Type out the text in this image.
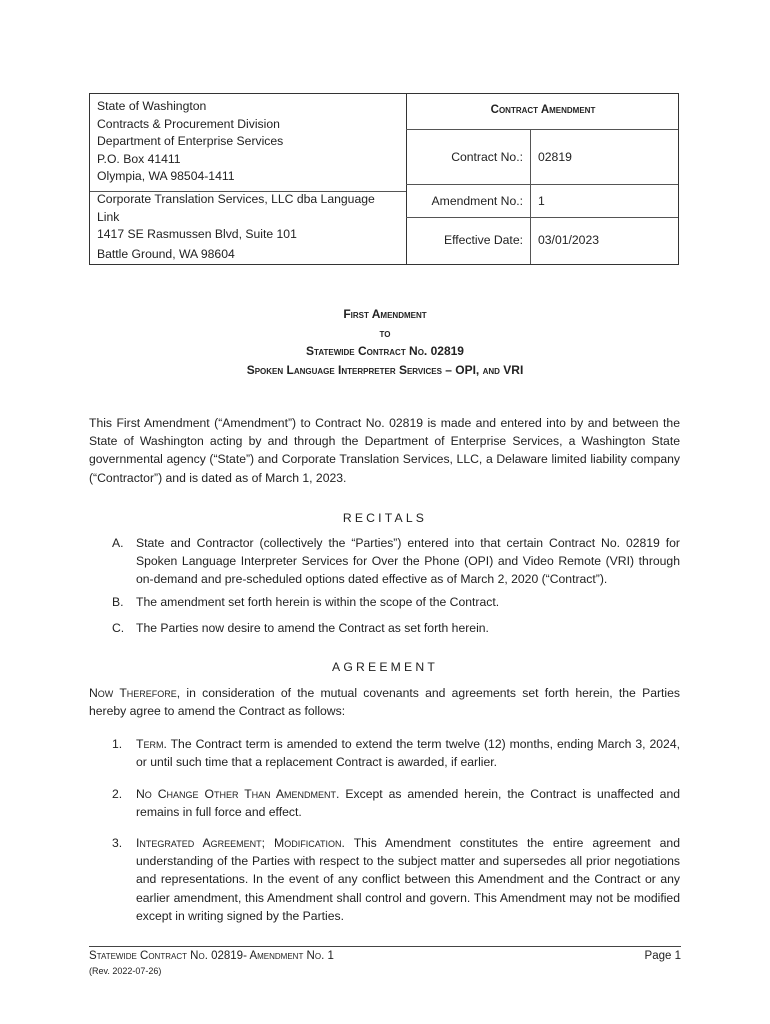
State of Washington
Contracts & Procurement Division
Department of Enterprise Services
P.O. Box 41411
Olympia, WA 98504-1411
Corporate Translation Services, LLC dba Language
Link
1417 SE Rasmussen Blvd, Suite 101
Battle Ground, WA 98604
Contract Amendment
Contract No.: 02819
Amendment No.: 1
Effective Date: 03/01/2023
First Amendment
to
Statewide Contract No. 02819
Spoken Language Interpreter Services – OPI, and VRI
This First Amendment (“Amendment”) to Contract No. 02819 is made and entered into by and between the State of Washington acting by and through the Department of Enterprise Services, a Washington State governmental agency (“State”) and Corporate Translation Services, LLC, a Delaware limited liability company (“Contractor”) and is dated as of March 1, 2023.
RECITALS
A. State and Contractor (collectively the “Parties”) entered into that certain Contract No. 02819 for Spoken Language Interpreter Services for Over the Phone (OPI) and Video Remote (VRI) through on-demand and pre-scheduled options dated effective as of March 2, 2020 (“Contract”).
B. The amendment set forth herein is within the scope of the Contract.
C. The Parties now desire to amend the Contract as set forth herein.
AGREEMENT
Now Therefore, in consideration of the mutual covenants and agreements set forth herein, the Parties hereby agree to amend the Contract as follows:
1. Term. The Contract term is amended to extend the term twelve (12) months, ending March 3, 2024, or until such time that a replacement Contract is awarded, if earlier.
2. No Change Other Than Amendment. Except as amended herein, the Contract is unaffected and remains in full force and effect.
3. Integrated Agreement; Modification. This Amendment constitutes the entire agreement and understanding of the Parties with respect to the subject matter and supersedes all prior negotiations and representations. In the event of any conflict between this Amendment and the Contract or any earlier amendment, this Amendment shall control and govern. This Amendment may not be modified except in writing signed by the Parties.
Statewide Contract No. 02819- Amendment No. 1
(Rev. 2022-07-26)
Page 1
